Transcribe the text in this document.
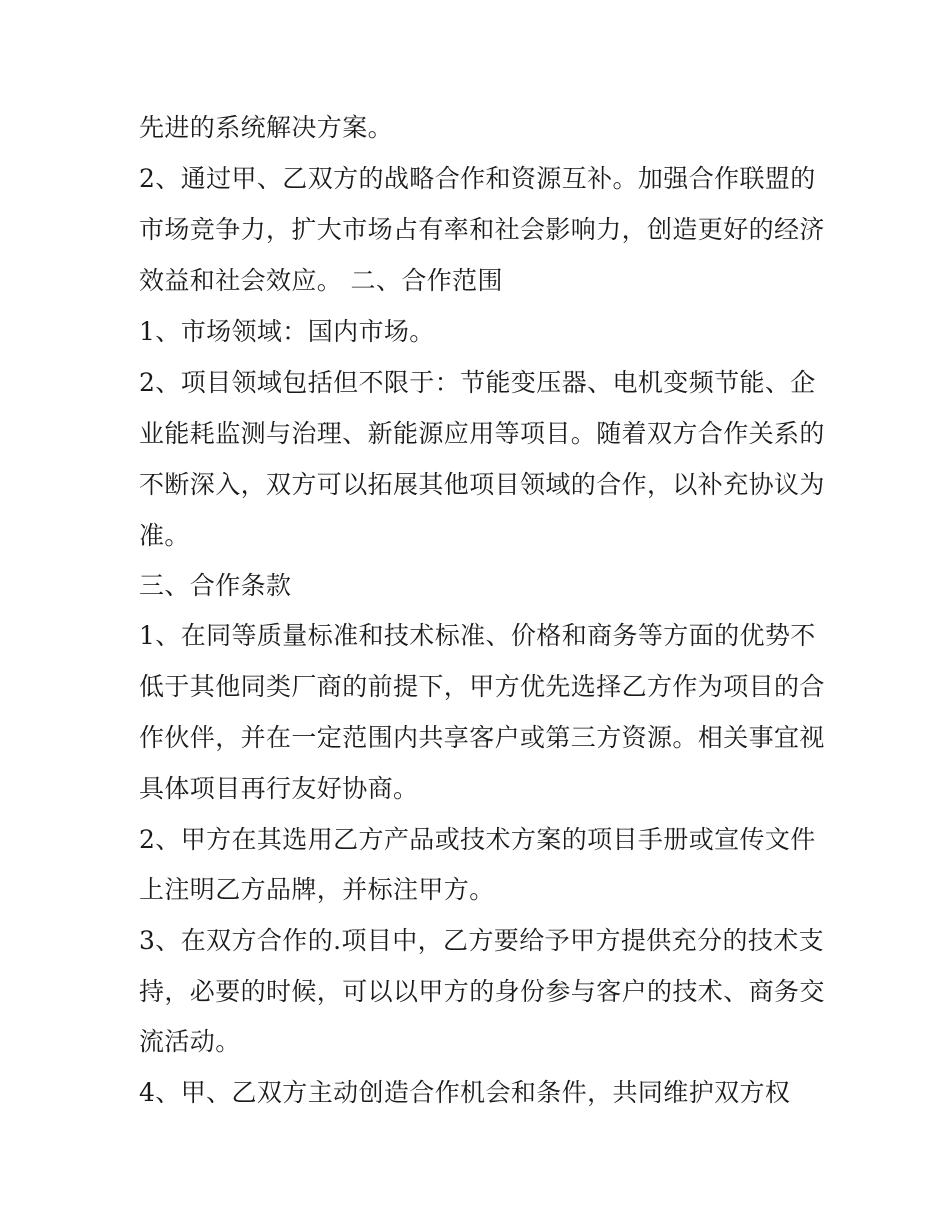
先进的系统解决方案。
2、通过甲、乙双方的战略合作和资源互补。加强合作联盟的
市场竞争力，扩大市场占有率和社会影响力，创造更好的经济
效益和社会效应。 二、合作范围
1、市场领域：国内市场。
2、项目领域包括但不限于：节能变压器、电机变频节能、企
业能耗监测与治理、新能源应用等项目。随着双方合作关系的
不断深入，双方可以拓展其他项目领域的合作，以补充协议为
准。
三、合作条款
1、在同等质量标准和技术标准、价格和商务等方面的优势不
低于其他同类厂商的前提下，甲方优先选择乙方作为项目的合
作伙伴，并在一定范围内共享客户或第三方资源。相关事宜视
具体项目再行友好协商。
2、甲方在其选用乙方产品或技术方案的项目手册或宣传文件
上注明乙方品牌，并标注甲方。
3、在双方合作的.项目中，乙方要给予甲方提供充分的技术支
持，必要的时候，可以以甲方的身份参与客户的技术、商务交
流活动。
4、甲、乙双方主动创造合作机会和条件，共同维护双方权
